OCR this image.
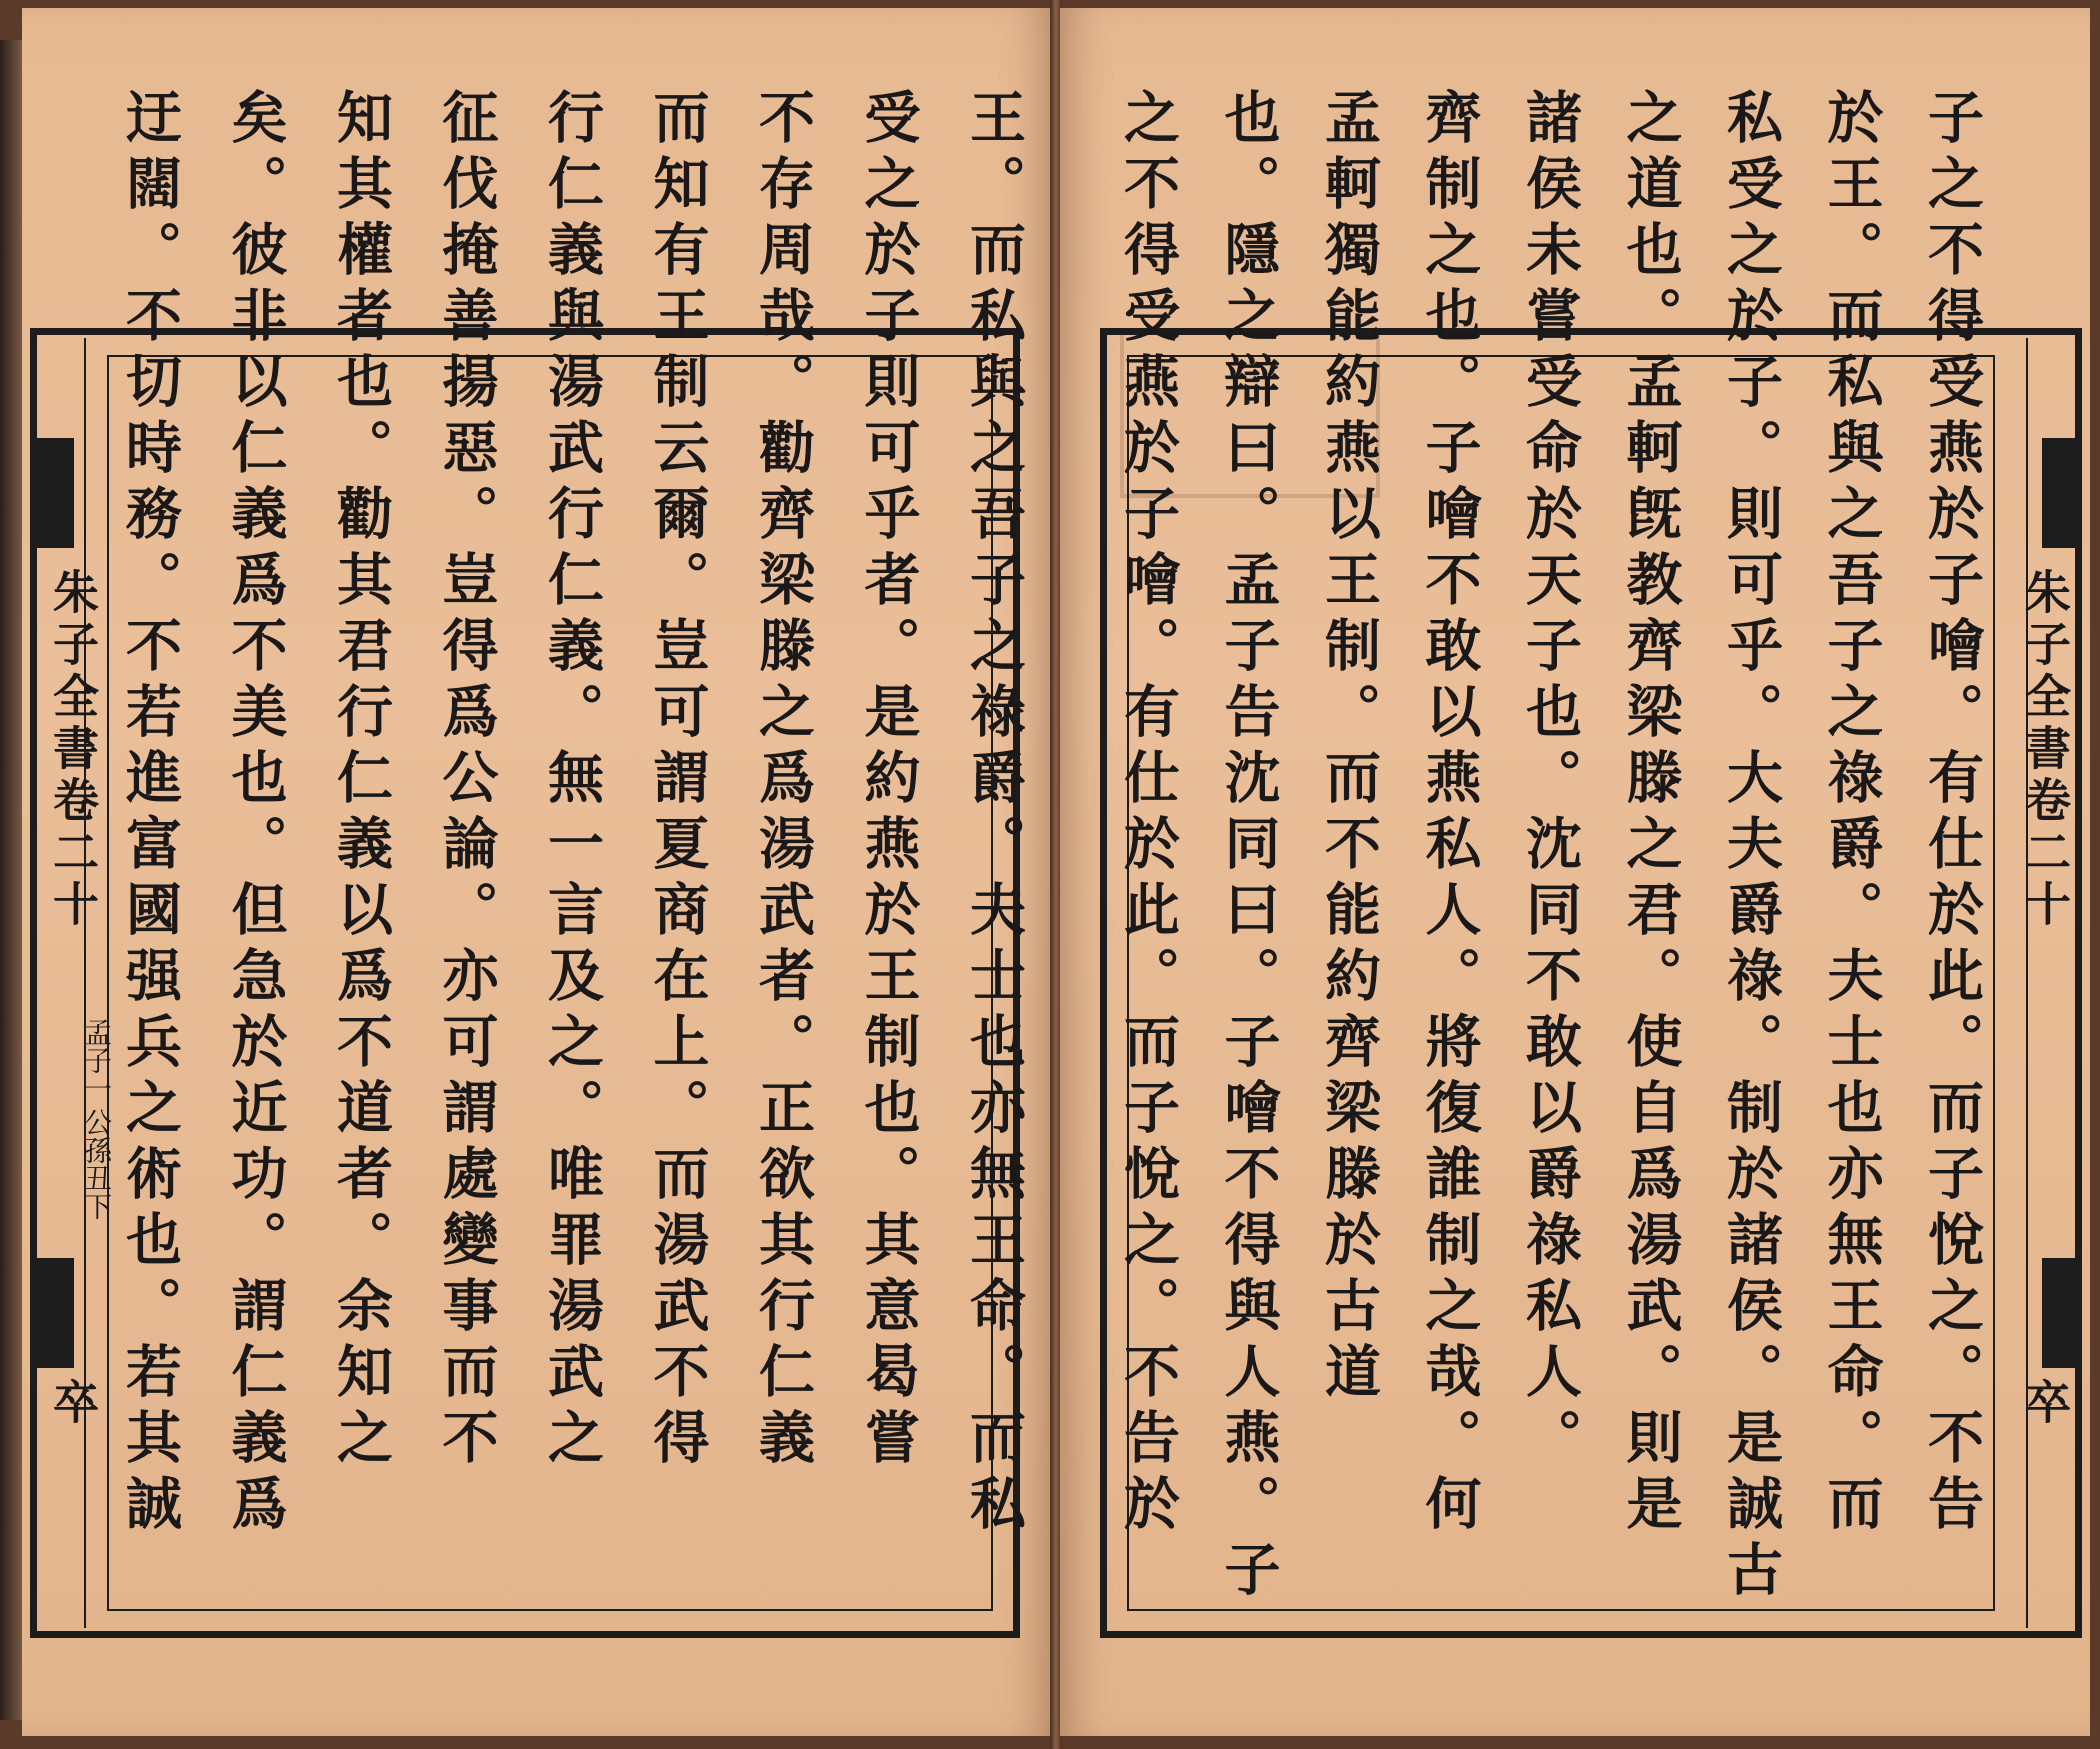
朱子全書卷二十
孟子一
公孫丑下
卒	王。而私與之吾子之祿爵。夫士也亦無王命。而私
受之於子則可乎者。是約燕於王制也。其意曷嘗
不存周哉。勸齊梁滕之爲湯武者。正欲其行仁義
而知有王制云爾。豈可謂夏商在上。而湯武不得
行仁義與湯武行仁義。無一言及之。唯罪湯武之
征伐掩善揚惡。豈得爲公論。亦可謂處變事而不
知其權者也。勸其君行仁義以爲不道者。余知之
矣。彼非以仁義爲不美也。但急於近功。謂仁義爲
迂闊。不切時務。不若進富國强兵之術也。若其誠	朱子全書卷二十
卒
子之不得受燕於子噲。有仕於此。而子悅之。不告
於王。而私與之吾子之祿爵。夫士也亦無王命。而
私受之於子。則可乎。大夫爵祿。制於諸侯。是誠古
之道也。孟軻旣教齊梁滕之君。使自爲湯武。則是
諸侯未嘗受命於天子也。沈同不敢以爵祿私人。
齊制之也。子噲不敢以燕私人。將復誰制之哉。何
孟軻獨能約燕以王制。而不能約齊梁滕於古道
也。隱之辯曰。孟子告沈同曰。子噲不得與人燕。子
之不得受燕於子噲。有仕於此。而子悅之。不告於
